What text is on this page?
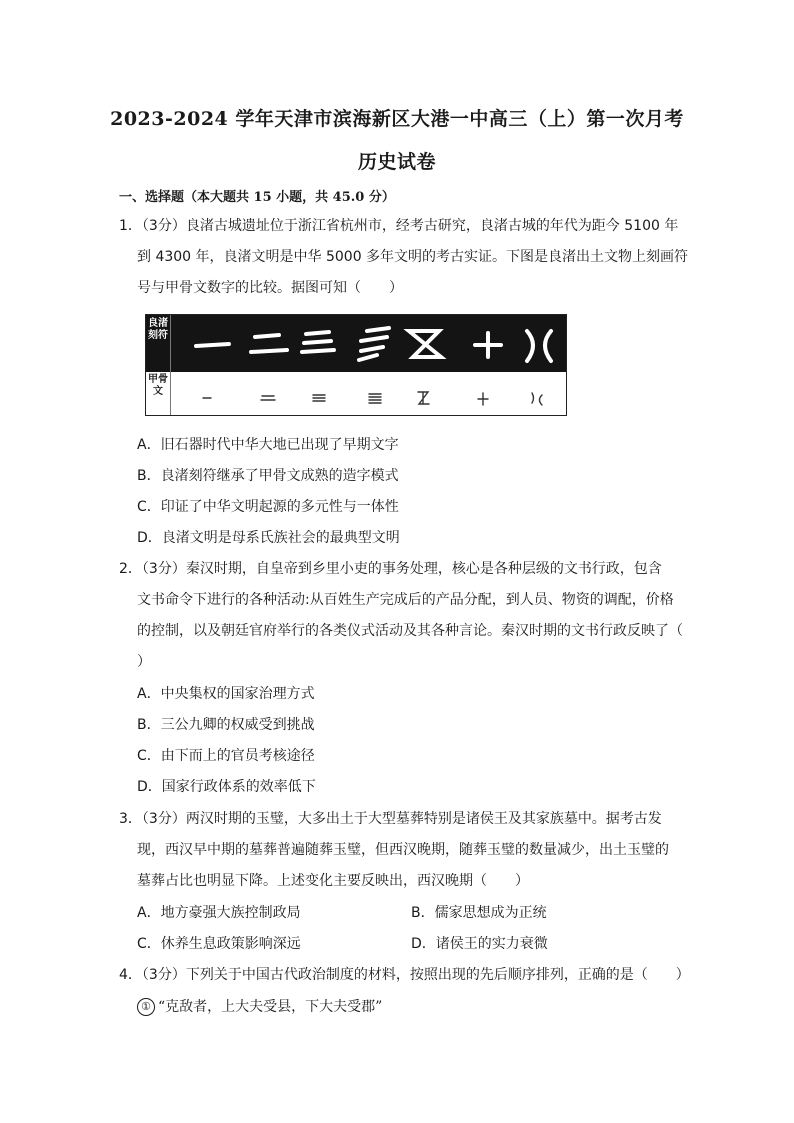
2023-2024 学年天津市滨海新区大港一中高三（上）第一次月考
历史试卷
一、选择题（本大题共 15 小题，共 45.0 分）
1．（3分）良渚古城遗址位于浙江省杭州市，经考古研究，良渚古城的年代为距今 5100 年
到 4300 年，良渚文明是中华 5000 多年文明的考古实证。下图是良渚出土文物上刻画符
号与甲骨文数字的比较。据图可知（　　）
良渚刻符
甲骨文
A．旧石器时代中华大地已出现了早期文字
B．良渚刻符继承了甲骨文成熟的造字模式
C．印证了中华文明起源的多元性与一体性
D．良渚文明是母系氏族社会的最典型文明
2．（3分）秦汉时期，自皇帝到乡里小吏的事务处理，核心是各种层级的文书行政，包含
文书命令下进行的各种活动:从百姓生产完成后的产品分配，到人员、物资的调配，价格
的控制，以及朝廷官府举行的各类仪式活动及其各种言论。秦汉时期的文书行政反映了（
）
A．中央集权的国家治理方式
B．三公九卿的权威受到挑战
C．由下而上的官员考核途径
D．国家行政体系的效率低下
3．（3分）两汉时期的玉璧，大多出土于大型墓葬特别是诸侯王及其家族墓中。据考古发
现，西汉早中期的墓葬普遍随葬玉璧，但西汉晚期，随葬玉璧的数量减少，出土玉璧的
墓葬占比也明显下降。上述变化主要反映出，西汉晚期（　　）
A．地方豪强大族控制政局	B．儒家思想成为正统
C．休养生息政策影响深远	D．诸侯王的实力衰微
4．（3分）下列关于中国古代政治制度的材料，按照出现的先后顺序排列，正确的是（　　）
① “克敌者，上大夫受县，下大夫受郡”
